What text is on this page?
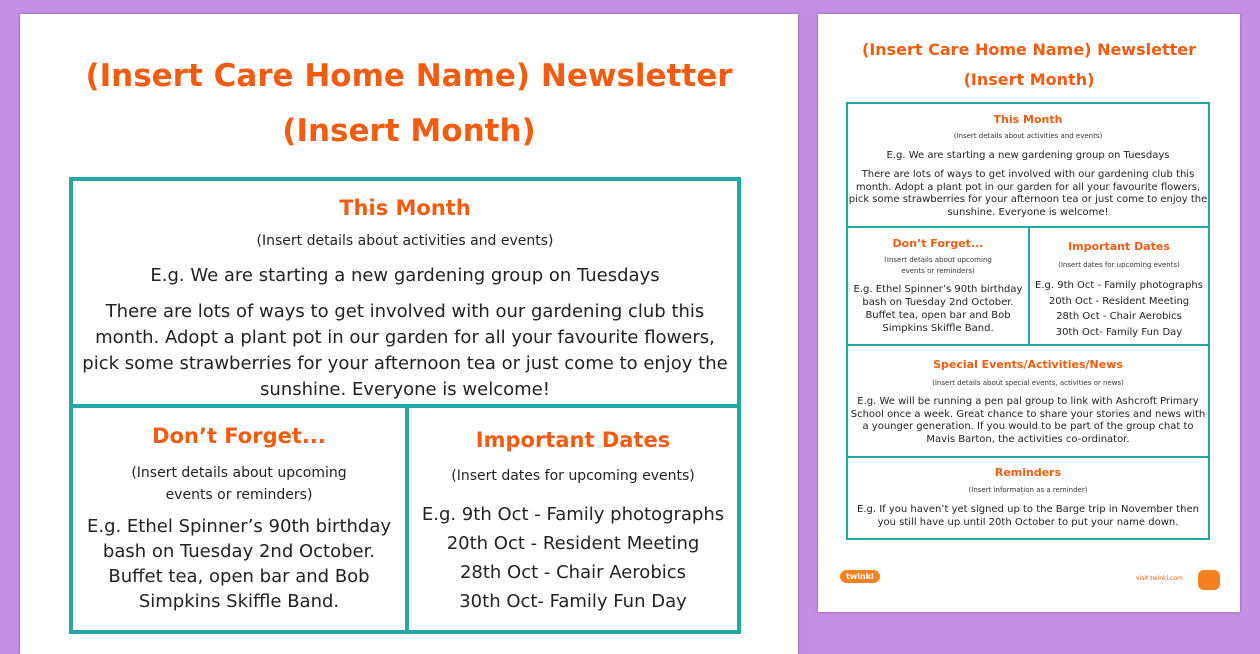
(Insert Care Home Name) Newsletter
(Insert Month)
This Month
(Insert details about activities and events)
E.g. We are starting a new gardening group on Tuesdays
There are lots of ways to get involved with our gardening club this
month. Adopt a plant pot in our garden for all your favourite flowers,
pick some strawberries for your afternoon tea or just come to enjoy the
sunshine. Everyone is welcome!
Don’t Forget...
(Insert details about upcoming
events or reminders)
E.g. Ethel Spinner’s 90th birthday
bash on Tuesday 2nd October.
Buffet tea, open bar and Bob
Simpkins Skiffle Band.
Important Dates
(Insert dates for upcoming events)
E.g. 9th Oct - Family photographs
20th Oct - Resident Meeting
28th Oct - Chair Aerobics
30th Oct- Family Fun Day
(Insert Care Home Name) Newsletter
(Insert Month)
This Month
(Insert details about activities and events)
E.g. We are starting a new gardening group on Tuesdays
There are lots of ways to get involved with our gardening club this
month. Adopt a plant pot in our garden for all your favourite flowers,
pick some strawberries for your afternoon tea or just come to enjoy the
sunshine. Everyone is welcome!
Don’t Forget...
(Insert details about upcoming
events or reminders)
E.g. Ethel Spinner’s 90th birthday
bash on Tuesday 2nd October.
Buffet tea, open bar and Bob
Simpkins Skiffle Band.
Important Dates
(Insert dates for upcoming events)
E.g. 9th Oct - Family photographs
20th Oct - Resident Meeting
28th Oct - Chair Aerobics
30th Oct- Family Fun Day
Special Events/Activities/News
(Insert details about special events, activities or news)
E.g. We will be running a pen pal group to link with Ashcroft Primary
School once a week. Great chance to share your stories and news with
a younger generation. If you would to be part of the group chat to
Mavis Barton, the activities co-ordinator.
Reminders
(Insert information as a reminder)
E.g. If you haven’t yet signed up to the Barge trip in November then
you still have up until 20th October to put your name down.
twinkl	visit twinkl.com
